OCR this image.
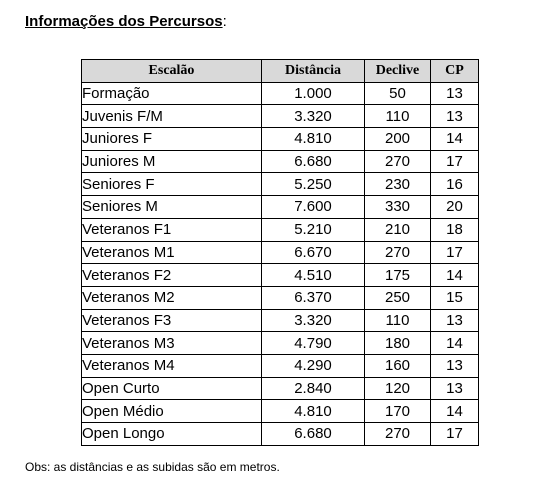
Informações dos Percursos:
Escalão	Distância	Declive	CP
Formação	1.000	50	13
Juvenis F/M	3.320	110	13
Juniores F	4.810	200	14
Juniores M	6.680	270	17
Seniores F	5.250	230	16
Seniores M	7.600	330	20
Veteranos F1	5.210	210	18
Veteranos M1	6.670	270	17
Veteranos F2	4.510	175	14
Veteranos M2	6.370	250	15
Veteranos F3	3.320	110	13
Veteranos M3	4.790	180	14
Veteranos M4	4.290	160	13
Open Curto	2.840	120	13
Open Médio	4.810	170	14
Open Longo	6.680	270	17
Obs: as distâncias e as subidas são em metros.
